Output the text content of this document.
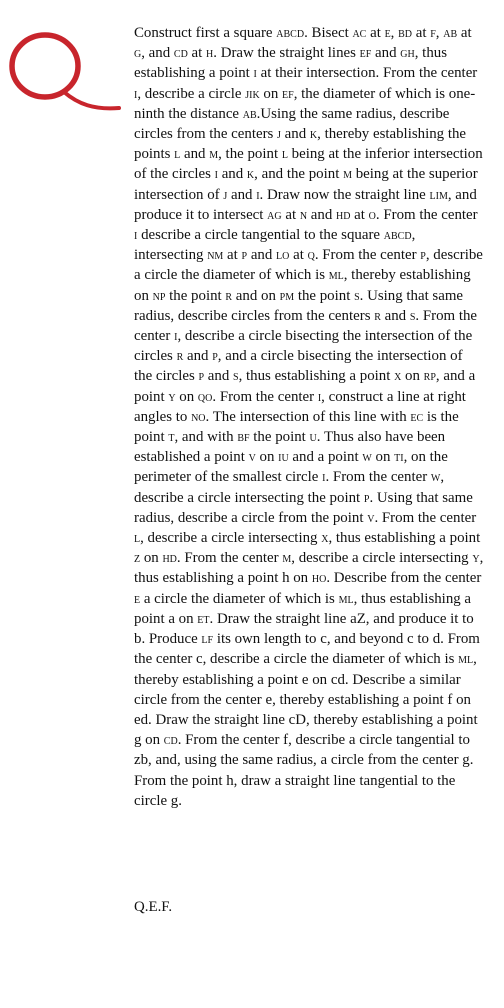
Construct first a square abcd. Bisect ac at e, bd at f, ab at g, and cd at h. Draw the straight lines ef and gh, thus establishing a point i at their intersection. From the center i, describe a circle jik on ef, the diameter of which is one-ninth the distance ab.Using the same radius, describe circles from the centers j and k, thereby establishing the points l and m, the point l being at the inferior intersection of the circles i and k, and the point m being at the superior intersection of j and i. Draw now the straight line lim, and produce it to intersect ag at n and hd at o. From the center i describe a circle tangential to the square abcd, intersecting nm at p and lo at q. From the center p, describe a circle the diameter of which is ml, thereby establishing on np the point r and on pm the point s. Using that same radius, describe circles from the centers r and s. From the center i, describe a circle bisecting the intersection of the circles r and p, and a circle bisecting the intersection of the circles p and s, thus establishing a point x on rp, and a point y on qo. From the center i, construct a line at right angles to no. The intersection of this line with ec is the point t, and with bf the point u. Thus also have been established a point v on iu and a point w on ti, on the perimeter of the smallest circle i. From the center w, describe a circle intersecting the point p. Using that same radius, describe a circle from the point v. From the center l, describe a circle intersecting x, thus establishing a point z on hd. From the center m, describe a circle intersecting y, thus establishing a point h on ho. Describe from the center e a circle the diameter of which is ml, thus establishing a point a on et. Draw the straight line aZ, and produce it to b. Produce lf its own length to c, and beyond c to d. From the center c, describe a circle the diameter of which is ml, thereby establishing a point e on cd. Describe a similar circle from the center e, thereby establishing a point f on ed. Draw the straight line cD, thereby establishing a point g on cd. From the center f, describe a circle tangential to zb, and, using the same radius, a circle from the center g. From the point h, draw a straight line tangential to the circle g.

Q.E.F.
